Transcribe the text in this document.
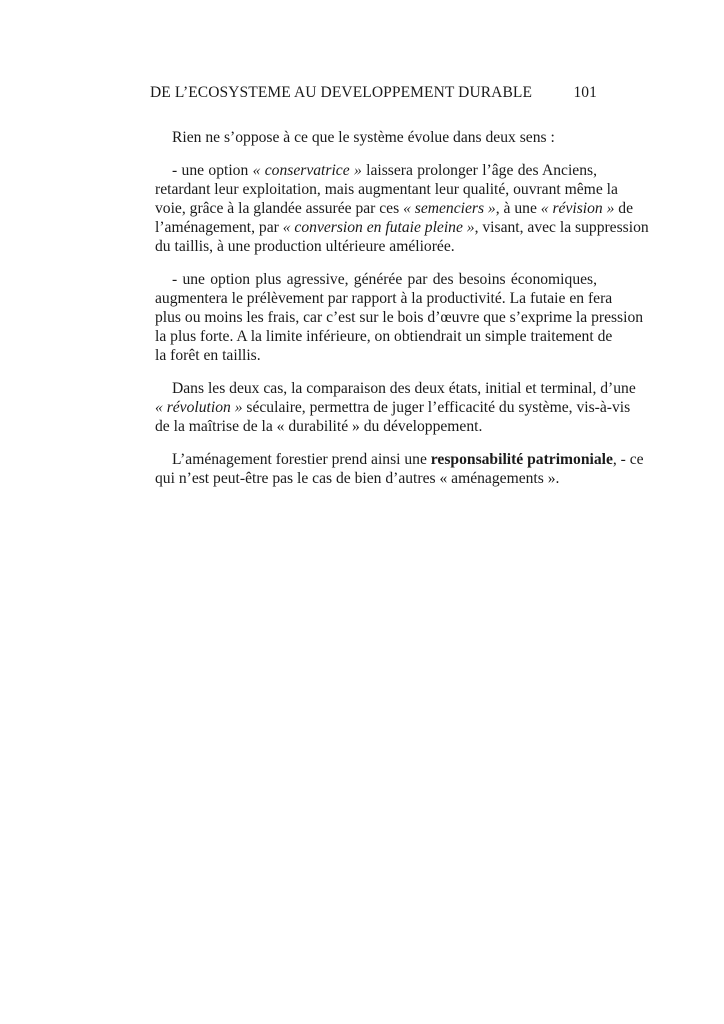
DE L’ECOSYSTEME AU DEVELOPPEMENT DURABLE	101
Rien ne s’oppose à ce que le système évolue dans deux sens :
- une option « conservatrice » laissera prolonger l’âge des Anciens,
retardant leur exploitation, mais augmentant leur qualité, ouvrant même la
voie, grâce à la glandée assurée par ces « semenciers », à une « révision » de
l’aménagement, par « conversion en futaie pleine », visant, avec la suppression
du taillis, à une production ultérieure améliorée.
- une option plus agressive, générée par des besoins économiques,
augmentera le prélèvement par rapport à la productivité. La futaie en fera
plus ou moins les frais, car c’est sur le bois d’œuvre que s’exprime la pression
la plus forte. A la limite inférieure, on obtiendrait un simple traitement de
la forêt en taillis.
Dans les deux cas, la comparaison des deux états, initial et terminal, d’une
« révolution » séculaire, permettra de juger l’efficacité du système, vis-à-vis
de la maîtrise de la « durabilité » du développement.
L’aménagement forestier prend ainsi une responsabilité patrimoniale, - ce
qui n’est peut-être pas le cas de bien d’autres « aménagements ».
